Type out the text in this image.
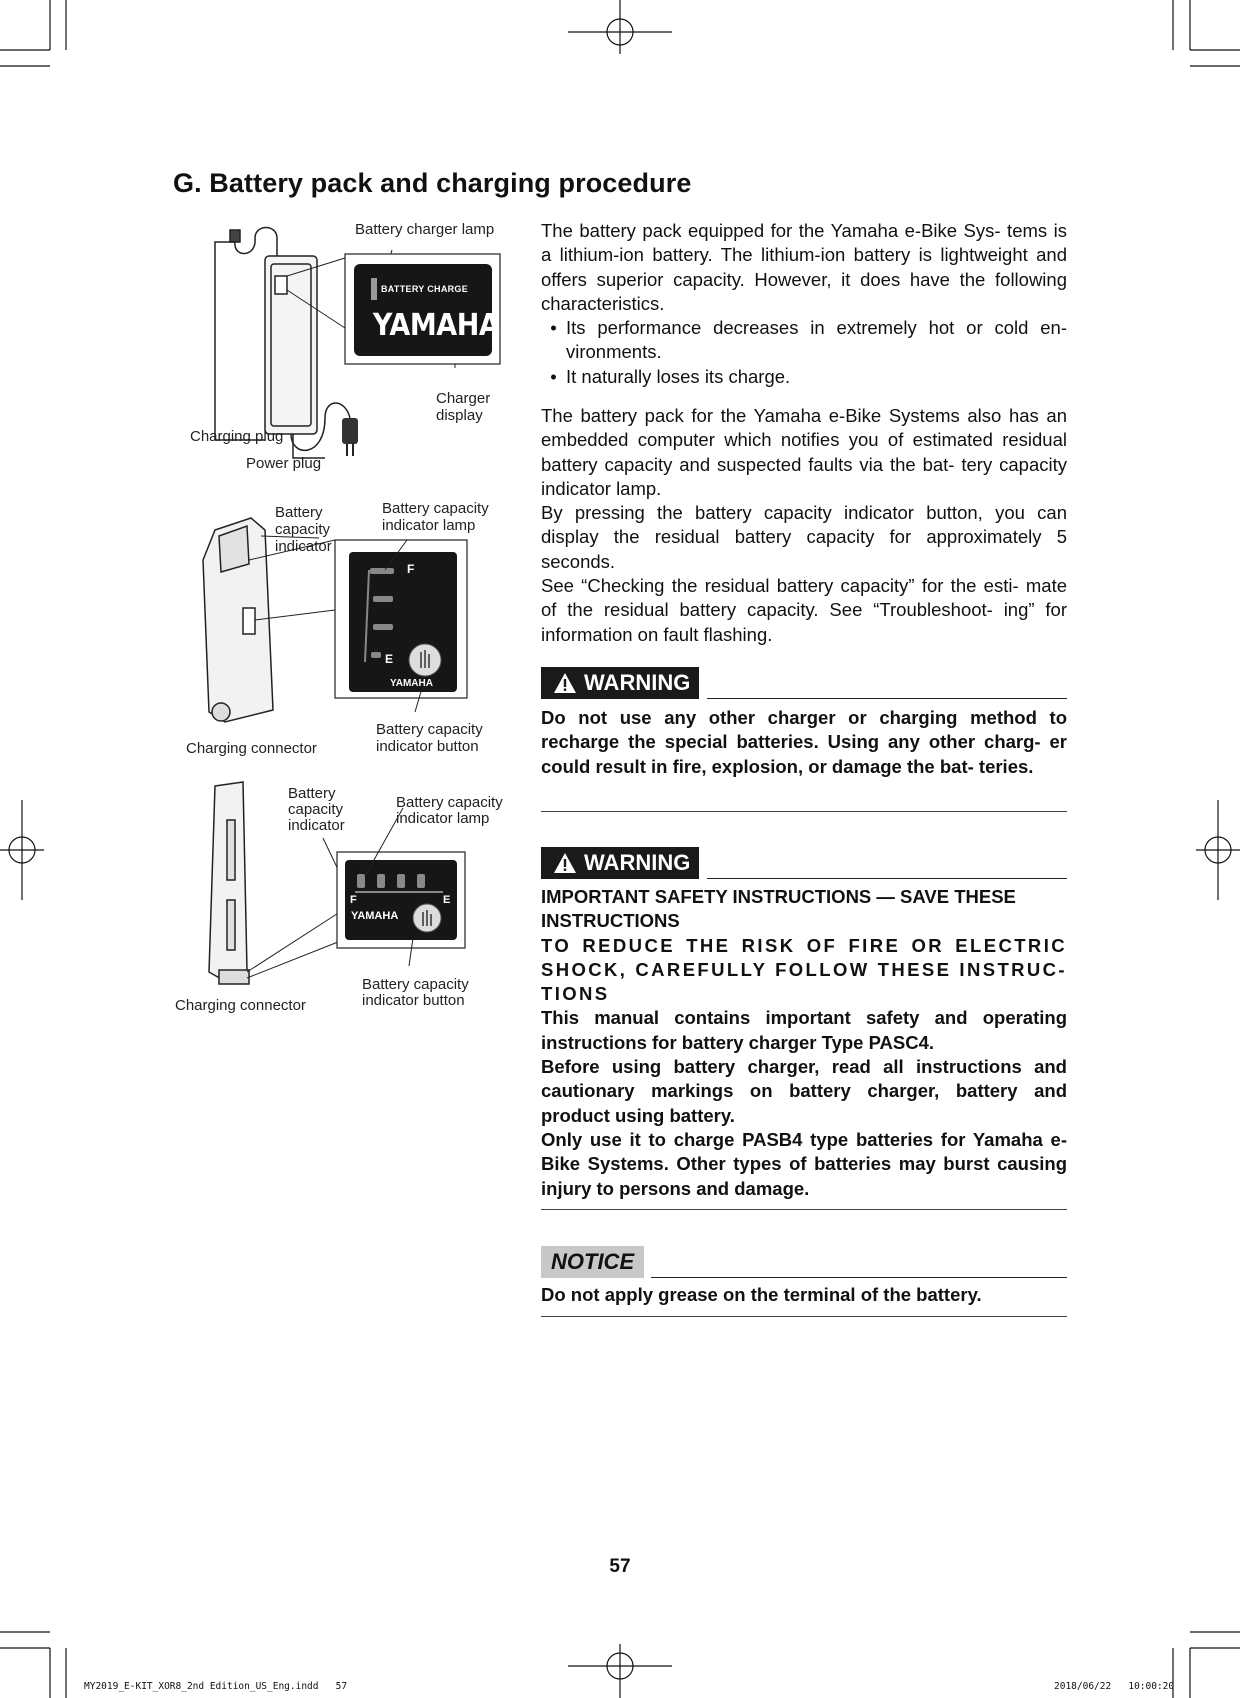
G. Battery pack and charging procedure
BATTERY CHARGE
YAMAHA
Battery charger lamp
Charger
display
Charging plug
Power plug
F
E
YAMAHA
Battery
capacity
indicator
Battery capacity
indicator lamp
Battery capacity
indicator button
Charging connector
F	E
YAMAHA
Battery
capacity
indicator
Battery capacity
indicator lamp
Battery capacity
indicator button
Charging connector

The battery pack equipped for the Yamaha e-Bike Sys- tems is a lithium-ion battery. The lithium-ion battery is lightweight and offers superior capacity. However, it does have the following characteristics.

• Its performance decreases in extremely hot or cold en- vironments.
• It naturally loses its charge.

The battery pack for the Yamaha e-Bike Systems also has an embedded computer which notifies you of estimated residual battery capacity and suspected faults via the bat- tery capacity indicator lamp.

By pressing the battery capacity indicator button, you can display the residual battery capacity for approximately 5 seconds.

See “Checking the residual battery capacity” for the esti- mate of the residual battery capacity. See “Troubleshoot- ing” for information on fault flashing.

WARNING

Do not use any other charger or charging method to recharge the special batteries. Using any other charg- er could result in fire, explosion, or damage the bat- teries.

WARNING

IMPORTANT SAFETY INSTRUCTIONS — SAVE THESE INSTRUCTIONS

TO REDUCE THE RISK OF FIRE OR ELECTRIC SHOCK, CAREFULLY FOLLOW THESE INSTRUC- TIONS

This manual contains important safety and operating instructions for battery charger Type PASC4.

Before using battery charger, read all instructions and cautionary markings on battery charger, battery and product using battery.

Only use it to charge PASB4 type batteries for Yamaha e-Bike Systems. Other types of batteries may burst causing injury to persons and damage.

NOTICE

Do not apply grease on the terminal of the battery.

57
MY2019_E-KIT_XOR8_2nd Edition_US_Eng.indd   57	2018/06/22   10:00:20
